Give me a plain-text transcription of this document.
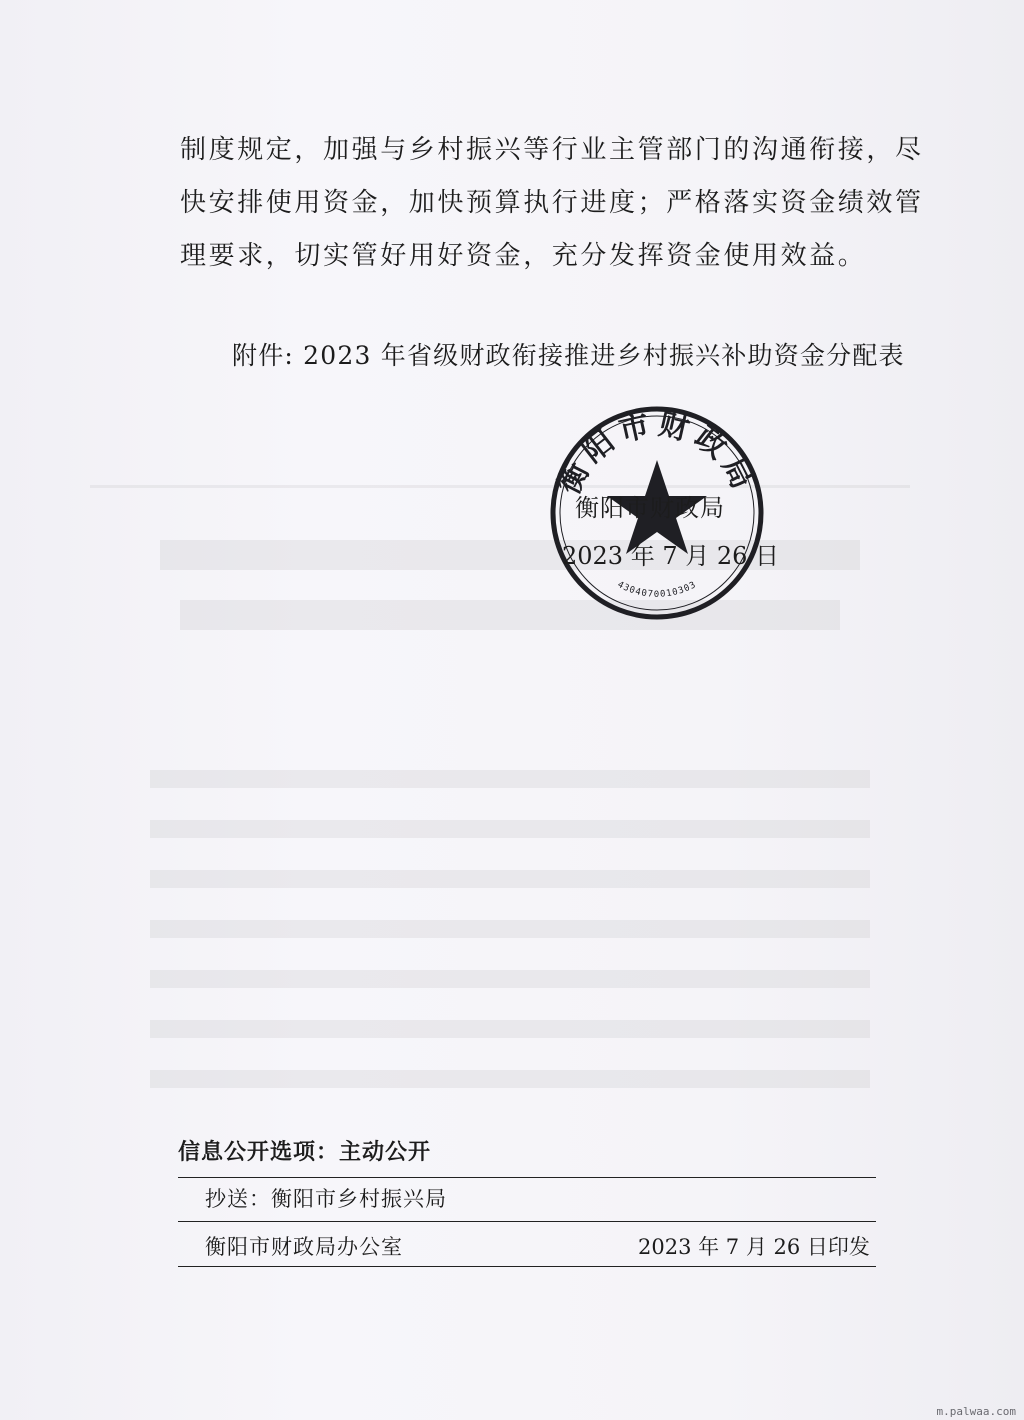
制度规定，加强与乡村振兴等行业主管部门的沟通衔接，尽
快安排使用资金，加快预算执行进度；严格落实资金绩效管
理要求，切实管好用好资金，充分发挥资金使用效益。
附件: 2023 年省级财政衔接推进乡村振兴补助资金分配表
衡阳市财政局
4304070010303
衡阳市财政局
2023 年 7 月 26 日
信息公开选项：主动公开
抄送：衡阳市乡村振兴局
衡阳市财政局办公室	2023 年 7 月 26 日印发
m.palwaa.com
